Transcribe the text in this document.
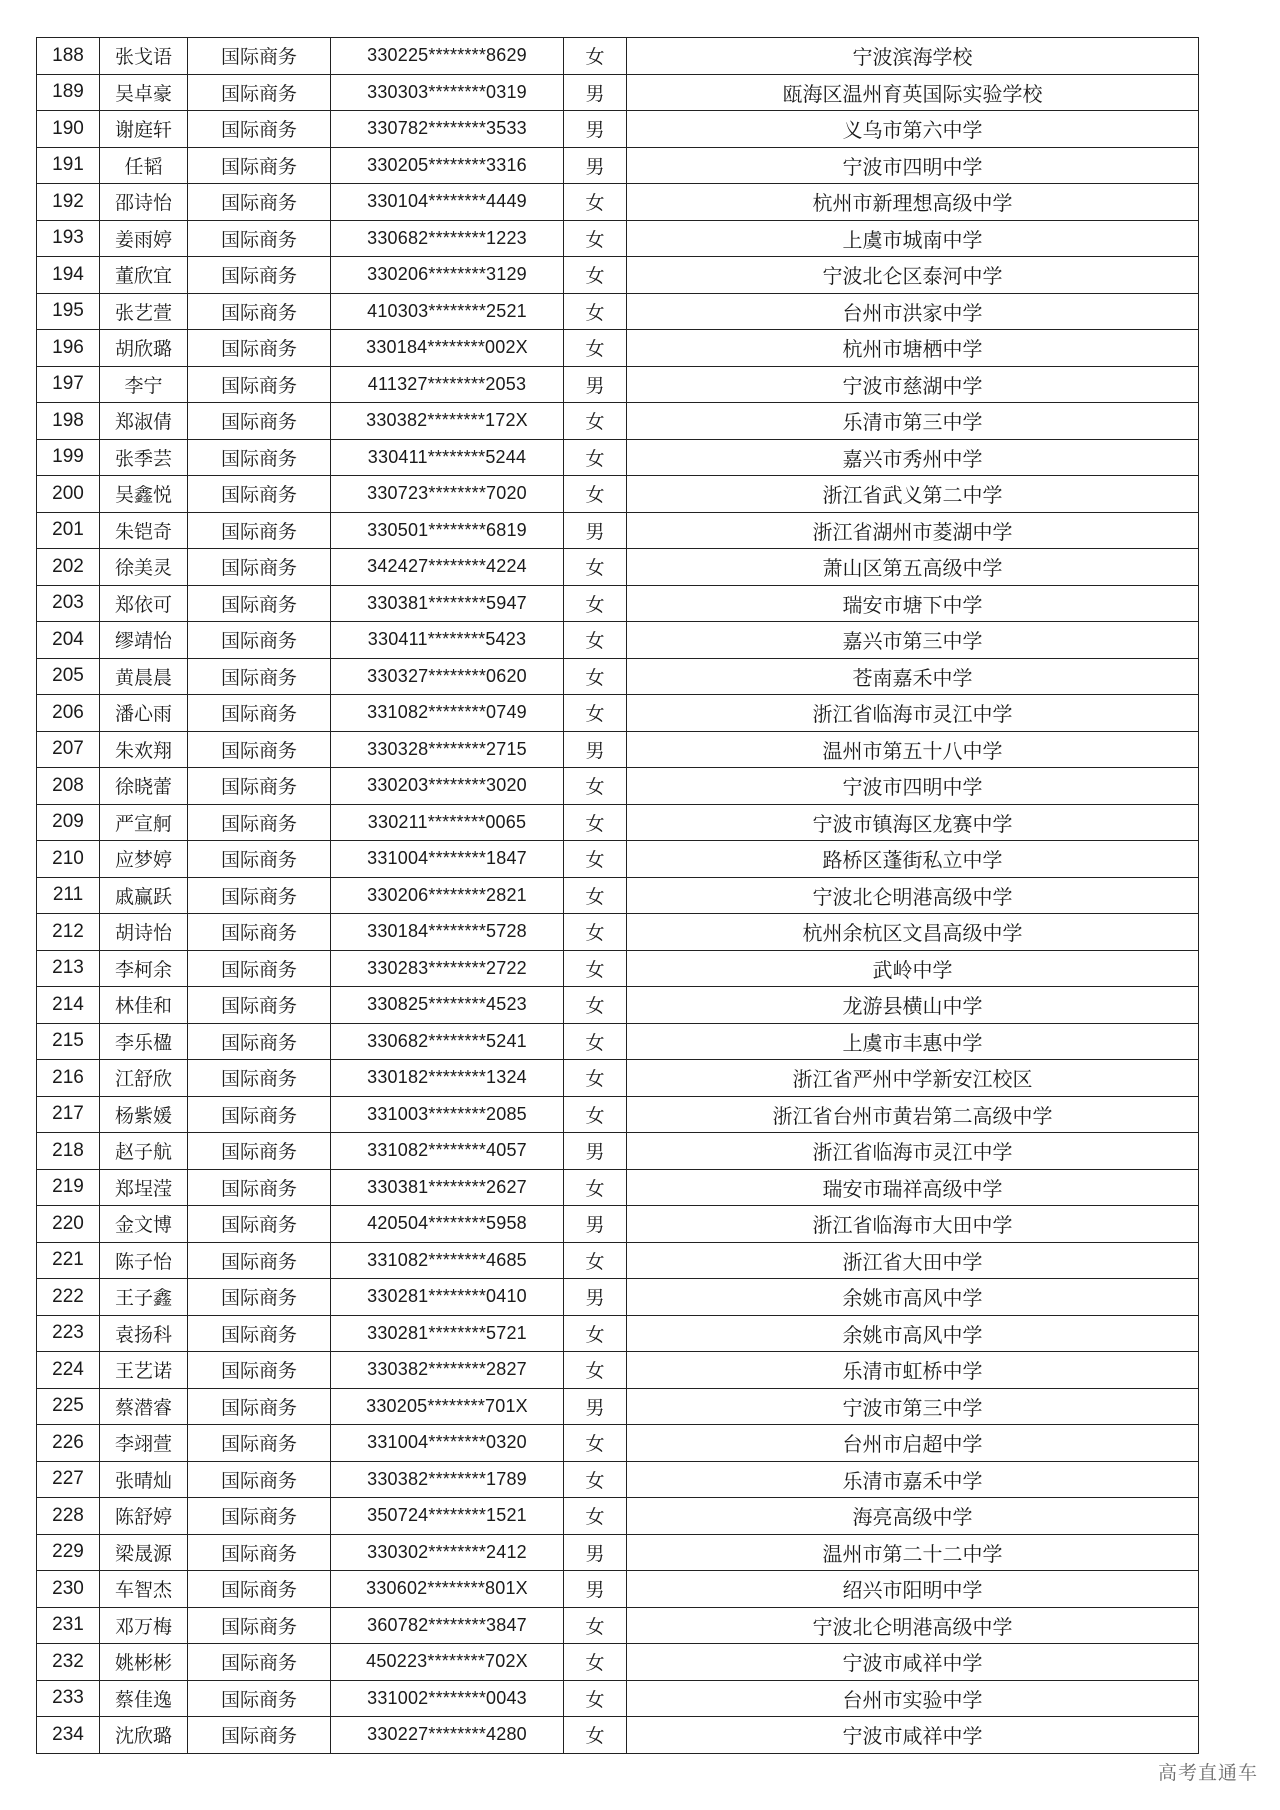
188	张戈语	国际商务	330225********8629	女	宁波滨海学校
189	吴卓豪	国际商务	330303********0319	男	瓯海区温州育英国际实验学校
190	谢庭轩	国际商务	330782********3533	男	义乌市第六中学
191	任韬	国际商务	330205********3316	男	宁波市四明中学
192	邵诗怡	国际商务	330104********4449	女	杭州市新理想高级中学
193	姜雨婷	国际商务	330682********1223	女	上虞市城南中学
194	董欣宜	国际商务	330206********3129	女	宁波北仑区泰河中学
195	张艺萱	国际商务	410303********2521	女	台州市洪家中学
196	胡欣璐	国际商务	330184********002X	女	杭州市塘栖中学
197	李宁	国际商务	411327********2053	男	宁波市慈湖中学
198	郑淑倩	国际商务	330382********172X	女	乐清市第三中学
199	张季芸	国际商务	330411********5244	女	嘉兴市秀州中学
200	吴鑫悦	国际商务	330723********7020	女	浙江省武义第二中学
201	朱铠奇	国际商务	330501********6819	男	浙江省湖州市菱湖中学
202	徐美灵	国际商务	342427********4224	女	萧山区第五高级中学
203	郑依可	国际商务	330381********5947	女	瑞安市塘下中学
204	缪靖怡	国际商务	330411********5423	女	嘉兴市第三中学
205	黄晨晨	国际商务	330327********0620	女	苍南嘉禾中学
206	潘心雨	国际商务	331082********0749	女	浙江省临海市灵江中学
207	朱欢翔	国际商务	330328********2715	男	温州市第五十八中学
208	徐晓蕾	国际商务	330203********3020	女	宁波市四明中学
209	严宣舸	国际商务	330211********0065	女	宁波市镇海区龙赛中学
210	应梦婷	国际商务	331004********1847	女	路桥区蓬街私立中学
211	戚赢跃	国际商务	330206********2821	女	宁波北仑明港高级中学
212	胡诗怡	国际商务	330184********5728	女	杭州余杭区文昌高级中学
213	李柯余	国际商务	330283********2722	女	武岭中学
214	林佳和	国际商务	330825********4523	女	龙游县横山中学
215	李乐楹	国际商务	330682********5241	女	上虞市丰惠中学
216	江舒欣	国际商务	330182********1324	女	浙江省严州中学新安江校区
217	杨紫媛	国际商务	331003********2085	女	浙江省台州市黄岩第二高级中学
218	赵子航	国际商务	331082********4057	男	浙江省临海市灵江中学
219	郑埕滢	国际商务	330381********2627	女	瑞安市瑞祥高级中学
220	金文博	国际商务	420504********5958	男	浙江省临海市大田中学
221	陈子怡	国际商务	331082********4685	女	浙江省大田中学
222	王子鑫	国际商务	330281********0410	男	余姚市高风中学
223	袁扬科	国际商务	330281********5721	女	余姚市高风中学
224	王艺诺	国际商务	330382********2827	女	乐清市虹桥中学
225	蔡潜睿	国际商务	330205********701X	男	宁波市第三中学
226	李翊萱	国际商务	331004********0320	女	台州市启超中学
227	张晴灿	国际商务	330382********1789	女	乐清市嘉禾中学
228	陈舒婷	国际商务	350724********1521	女	海亮高级中学
229	梁晟源	国际商务	330302********2412	男	温州市第二十二中学
230	车智杰	国际商务	330602********801X	男	绍兴市阳明中学
231	邓万梅	国际商务	360782********3847	女	宁波北仑明港高级中学
232	姚彬彬	国际商务	450223********702X	女	宁波市咸祥中学
233	蔡佳逸	国际商务	331002********0043	女	台州市实验中学
234	沈欣璐	国际商务	330227********4280	女	宁波市咸祥中学
高考直通车
